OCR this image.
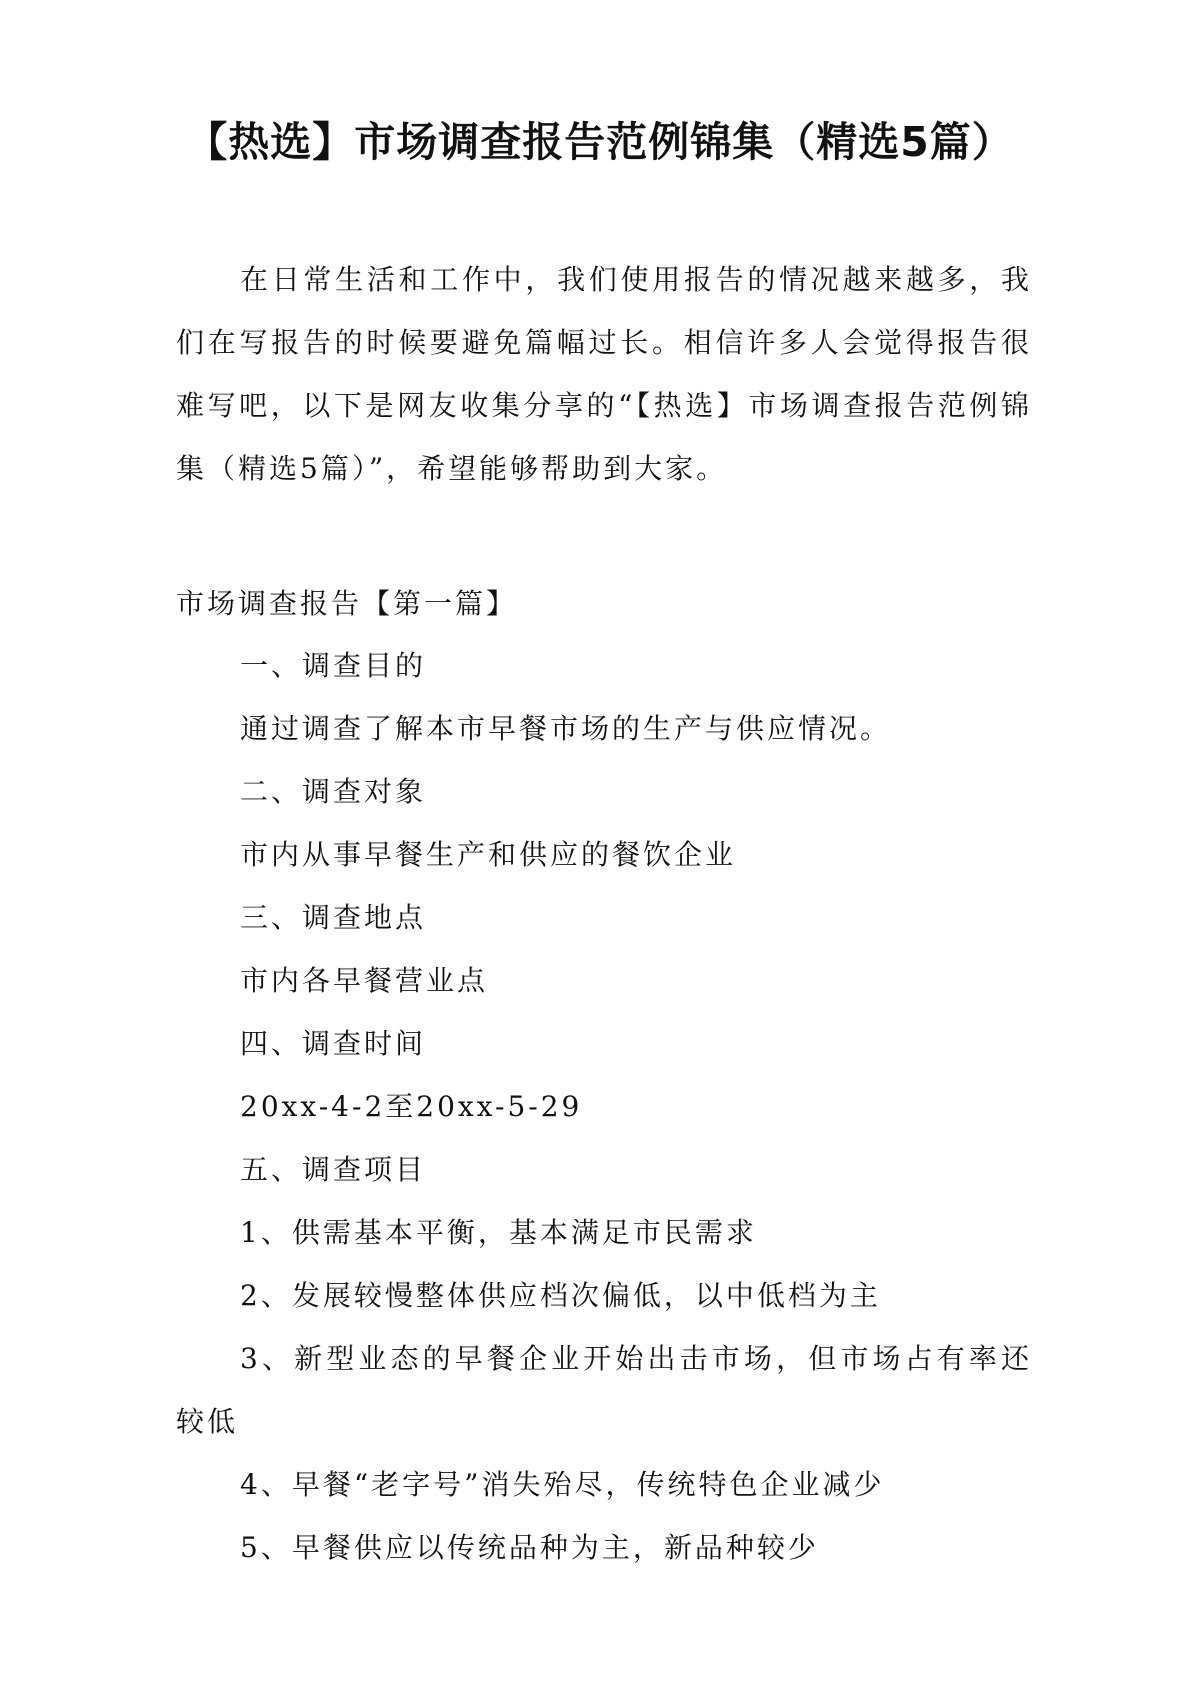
【热选】市场调查报告范例锦集（精选5篇）

在日常生活和工作中，我们使用报告的情况越来越多，我们在写报告的时候要避免篇幅过长。相信许多人会觉得报告很难写吧，以下是网友收集分享的“【热选】市场调查报告范例锦集（精选5篇）”，希望能够帮助到大家。

市场调查报告【第一篇】

一、调查目的

通过调查了解本市早餐市场的生产与供应情况。

二、调查对象

市内从事早餐生产和供应的餐饮企业

三、调查地点

市内各早餐营业点

四、调查时间

20xx-4-2至20xx-5-29

五、调查项目

1、供需基本平衡，基本满足市民需求

2、发展较慢整体供应档次偏低，以中低档为主

3、新型业态的早餐企业开始出击市场，但市场占有率还较低

4、早餐“老字号”消失殆尽，传统特色企业减少

5、早餐供应以传统品种为主，新品种较少
